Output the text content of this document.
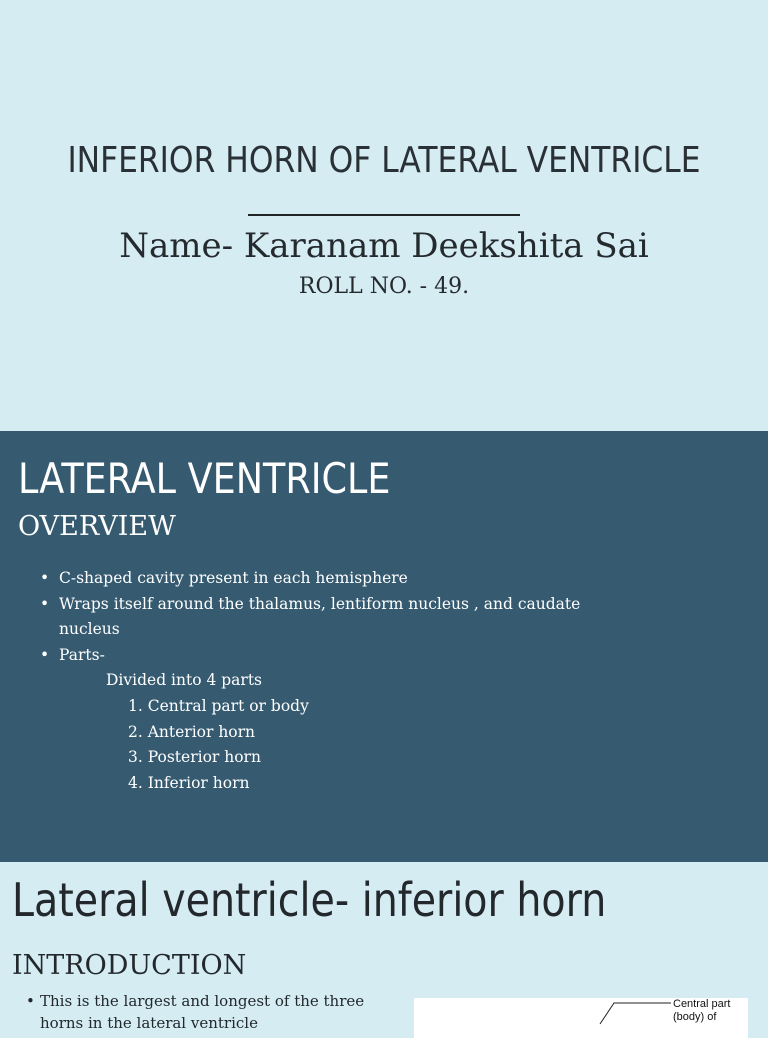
INFERIOR HORN OF LATERAL VENTRICLE
Name- Karanam Deekshita Sai
ROLL NO. - 49.
LATERAL VENTRICLE
OVERVIEW
• C-shaped cavity present in each hemisphere
• Wraps itself around the thalamus, lentiform nucleus , and caudate nucleus
• Parts-
Divided into 4 parts
1. Central part or body
2. Anterior horn
3. Posterior horn
4. Inferior horn
Lateral ventricle- inferior horn
INTRODUCTION
• This is the largest and longest of the three horns in the lateral ventricle
Central part
(body) of
